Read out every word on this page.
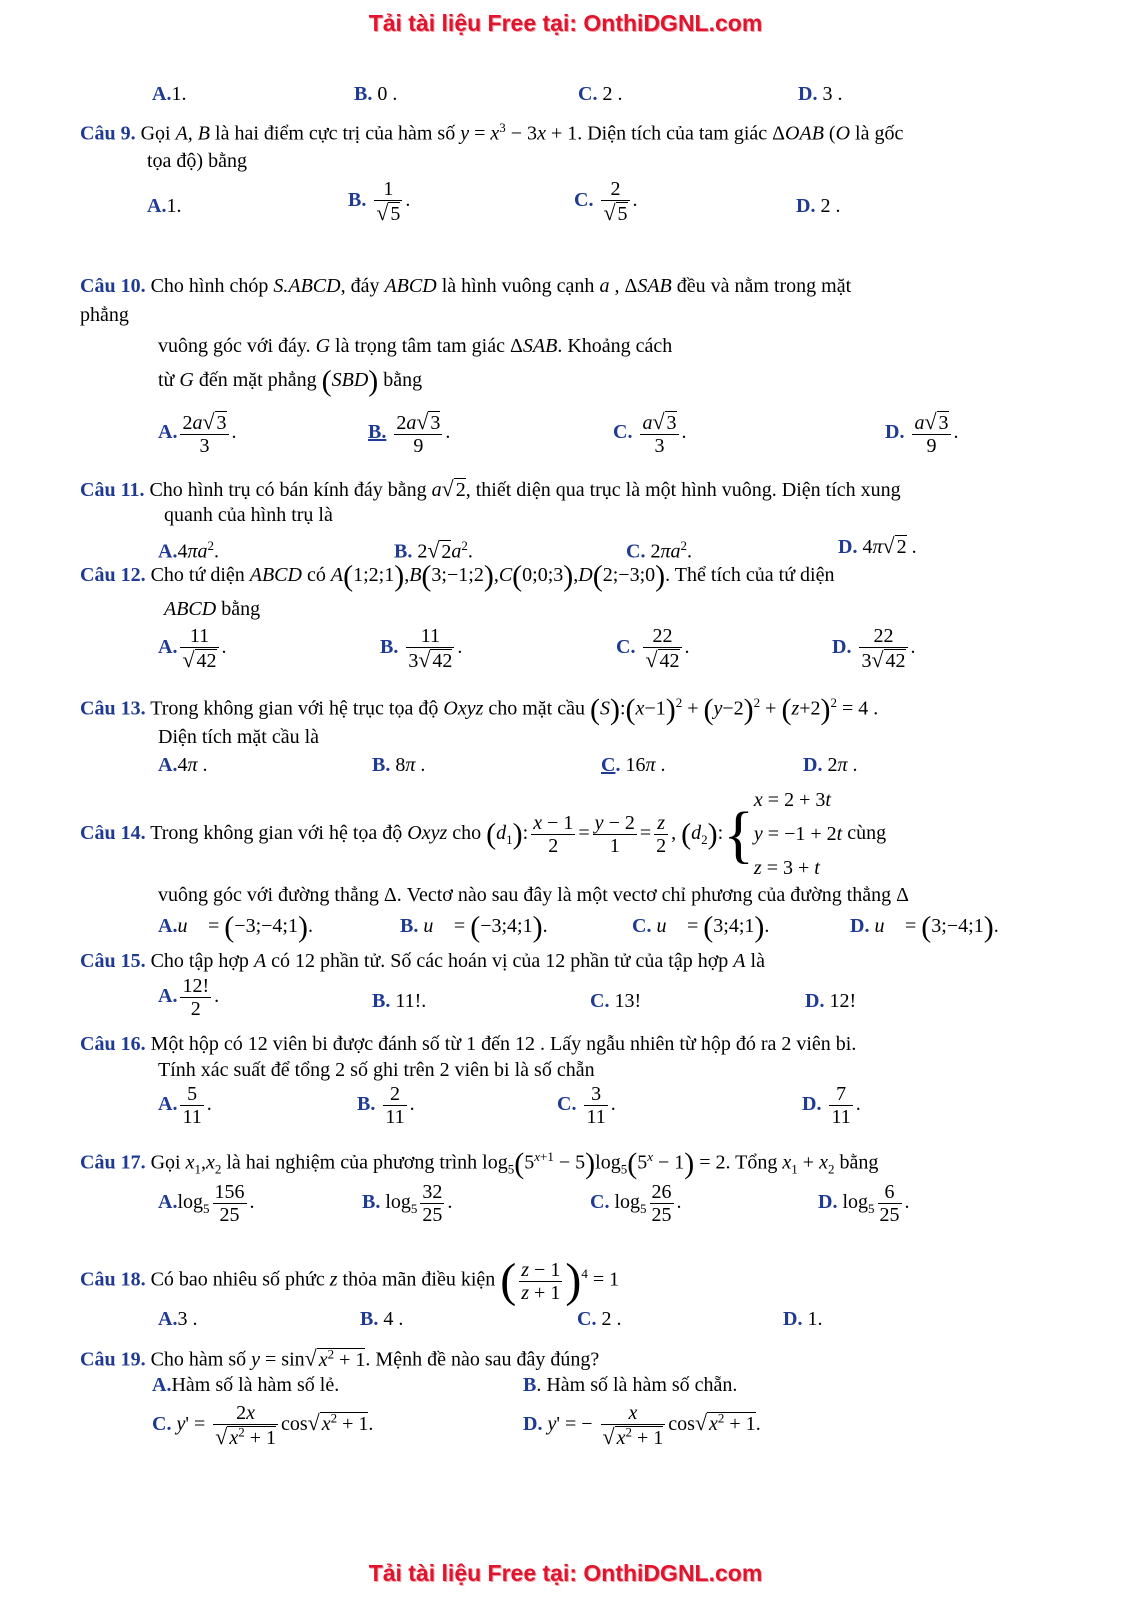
Tải tài liệu Free tại: OnthiDGNL.com
A.1.	B. 0 .	C. 2 .	D. 3 .
Câu 9. Gọi A, B là hai điểm cực trị của hàm số $y = x^3 - 3x + 1$. Diện tích của tam giác ΔOAB (O là gốc
tọa độ) bằng
A.1.	B. $\frac{1}{√ 5}$ .	C. $\frac{2}{√ 5}$ .	D. 2 .
Câu 10. Cho hình chóp S.ABCD, đáy ABCD là hình vuông cạnh a , ΔSAB đều và nằm trong mặt
phẳng
vuông góc với đáy. G là trọng tâm tam giác ΔSAB. Khoảng cách
từ G đến mặt phẳng (SBD) bằng
A. $\frac{2a√ 3}{3}$ .	B. $\frac{2a√ 3}{9}$ .	C. $\frac{a√ 3}{3}$ .	D. $\frac{a√ 3}{9}$ .
Câu 11. Cho hình trụ có bán kính đáy bằng a√ 2, thiết diện qua trục là một hình vuông. Diện tích xung
quanh của hình trụ là
$A.4\pi a^2$.	B. 2√ $2a^2$.	C. $2\pi a^2$.	D. 4π√ 2 .
Câu 12. Cho tứ diện ABCD có A(1;2;1),B(3;−1;2),C(0;0;3),D(2;−3;0). Thể tích của tứ diện
ABCD bằng
A. $\frac{11}{√ 42}$ .	B. $\frac{11}{3√ 42}$ .	C. $\frac{22}{√ 42}$ .	D. $\frac{22}{3√ 42}$ .
Câu 13. Trong không gian với hệ trục tọa độ Oxyz cho mặt cầu $(S):(x-1)^2 + (y-2)^2 + (z+2)^2 = 4$ .
Diện tích mặt cầu là
A.4π .	B. 8π .	C. 16π .	D. 2π .
Câu 14. Trong không gian với hệ tọa độ Oxyz cho $(d_1)$: $\frac{x - 1}{2} = \frac{y - 2}{1} = \frac{z}{2}$ , $(d_2)$:{ x = 2 + 3t
y = −1 + 2t
z = 3 + t
cùng
vuông góc với đường thẳng Δ. Vectơ nào sau đây là một vectơ chỉ phương của đường thẳng Δ
A.u⃗ = (−3;−4;1).	B. u⃗ = (−3;4;1).	C. u⃗ = (3;4;1).	D. u⃗ = (3;−4;1).
Câu 15. Cho tập hợp A có 12 phần tử. Số các hoán vị của 12 phần tử của tập hợp A là
A. $\frac{12!}{2}$ .	B. 11!.	C. 13!	D. 12!
Câu 16. Một hộp có 12 viên bi được đánh số từ 1 đến 12 . Lấy ngẫu nhiên từ hộp đó ra 2 viên bi.
Tính xác suất để tổng 2 số ghi trên 2 viên bi là số chẵn
A. $\frac{5}{11}$ .	B. $\frac{2}{11}$ .	C. $\frac{3}{11}$ .	D. $\frac{7}{11}$ .
Câu 17. Gọi $x_1,x_2$ là hai nghiệm của phương trình $\log_5(5^{x+1} - 5)\log_5(5^x - 1) = 2$. Tổng $x_1 + x_2$ bằng
$A.\log_5 \frac{156}{25}$ .	B. $\log_5 \frac{32}{25}$ .	C. $\log_5 \frac{26}{25}$ .	D. $\log_5 \frac{6}{25}$ .
Câu 18. Có bao nhiêu số phức z thỏa mãn điều kiện ( $\frac{z - 1}{z + 1} )^4 = 1$
A.3 .	B. 4 .	C. 2 .	D. 1.
Câu 19. Cho hàm số y = sin√ $x^2 + 1$. Mệnh đề nào sau đây đúng?
A.Hàm số là hàm số lẻ.	B. Hàm số là hàm số chẵn.
C. $y' = \frac{2x}{√ x^2 + 1} \cos√$ $x^2 + 1$.	D. y' = − $\frac{x}{√ x^2 + 1} \cos√$ $x^2 + 1$.
Tải tài liệu Free tại: OnthiDGNL.com
